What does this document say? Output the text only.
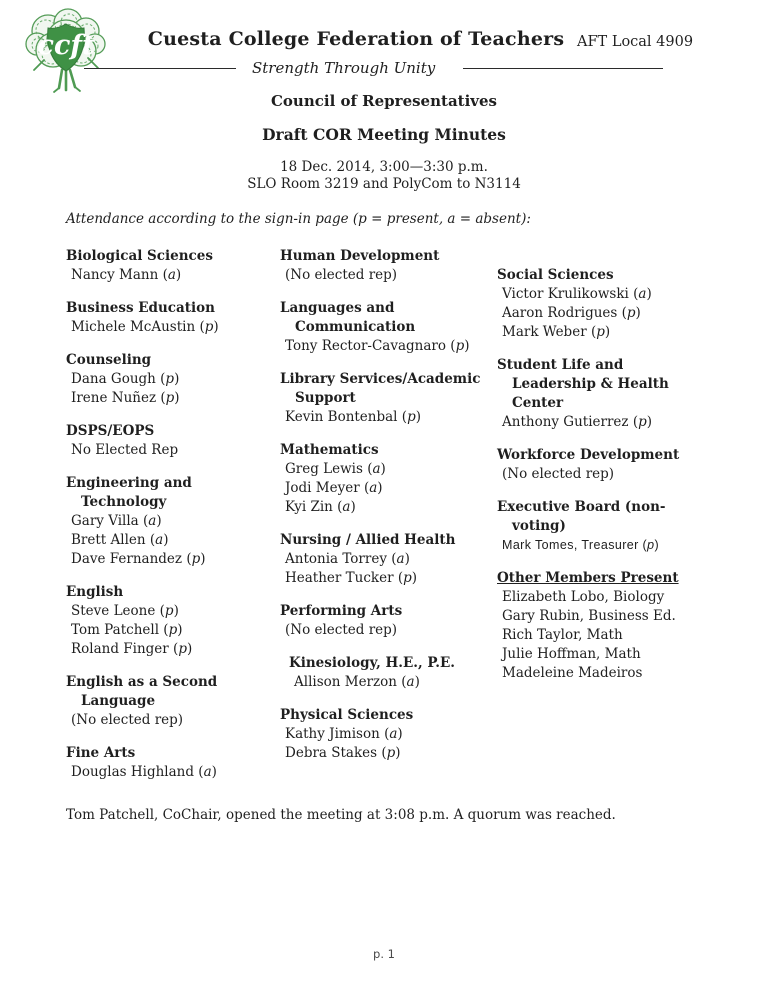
ccft	Cuesta College Federation of Teachers AFT Local 4909
Strength Through Unity
Council of Representatives
Draft COR Meeting Minutes
18 Dec. 2014, 3:00—3:30 p.m.
SLO Room 3219 and PolyCom to N3114
Attendance according to the sign-in page (p = present, a = absent):
Biological Sciences
Nancy Mann (a)
Business Education
Michele McAustin (p)
Counseling
Dana Gough (p)
Irene Nuñez (p)
DSPS/EOPS
No Elected Rep
Engineering and
Technology
Gary Villa (a)
Brett Allen (a)
Dave Fernandez (p)
English
Steve Leone (p)
Tom Patchell (p)
Roland Finger (p)
English as a Second
Language
(No elected rep)
Fine Arts
Douglas Highland (a)
Human Development
(No elected rep)
Languages and
Communication
Tony Rector-Cavagnaro (p)
Library Services/Academic
Support
Kevin Bontenbal (p)
Mathematics
Greg Lewis (a)
Jodi Meyer (a)
Kyi Zin (a)
Nursing / Allied Health
Antonia Torrey (a)
Heather Tucker (p)
Performing Arts
(No elected rep)
Kinesiology, H.E., P.E.
Allison Merzon (a)
Physical Sciences
Kathy Jimison (a)
Debra Stakes (p)
Social Sciences
Victor Krulikowski (a)
Aaron Rodrigues (p)
Mark Weber (p)
Student Life and
Leadership & Health
Center
Anthony Gutierrez (p)
Workforce Development
(No elected rep)
Executive Board (non-
voting)
Mark Tomes, Treasurer (p)
Other Members Present
Elizabeth Lobo, Biology
Gary Rubin, Business Ed.
Rich Taylor, Math
Julie Hoffman, Math
Madeleine Madeiros
Tom Patchell, CoChair, opened the meeting at 3:08 p.m. A quorum was reached.
p. 1
